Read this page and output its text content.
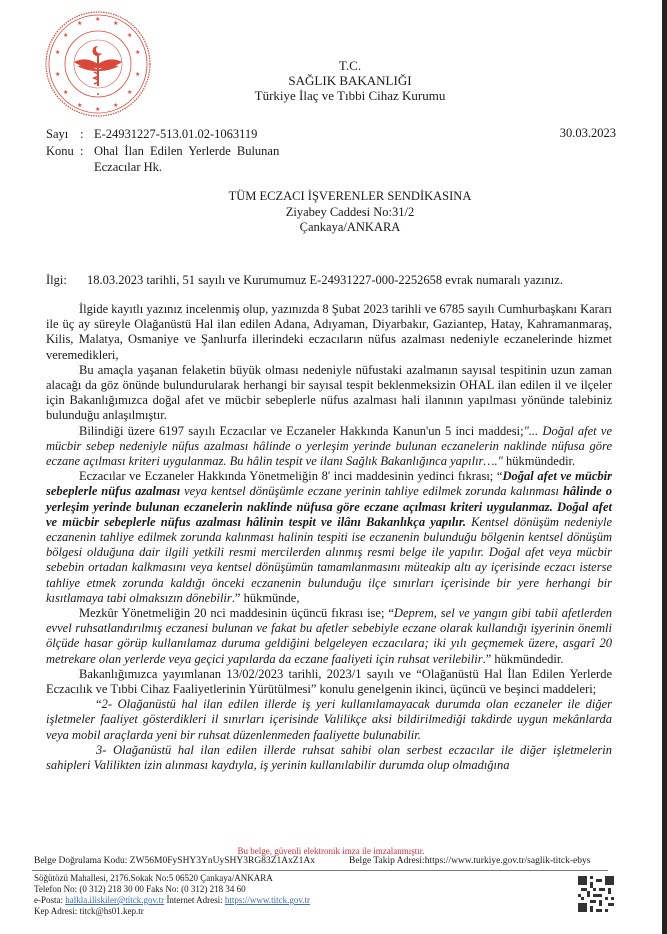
★
★
★
★	★
★	★
★	★
★	★
★
★
★
T.C.
SAĞLIK BAKANLIĞI
Türkiye İlaç ve Tıbbi Cihaz Kurumu
Sayı : E-24931227-513.01.02-1063119	30.03.2023
Konu : Ohal İlan Edilen Yerlerde Bulunan
Eczacılar Hk.
TÜM ECZACI İŞVERENLER SENDİKASINA
Ziyabey Caddesi No:31/2
Çankaya/ANKARA
İlgi: 18.03.2023 tarihli, 51 sayılı ve Kurumumuz E-24931227-000-2252658 evrak numaralı yazınız.

İlgide kayıtlı yazınız incelenmiş olup, yazınızda 8 Şubat 2023 tarihli ve 6785 sayılı Cumhurbaşkanı Kararı ile üç ay süreyle Olağanüstü Hal ilan edilen Adana, Adıyaman, Diyarbakır, Gaziantep, Hatay, Kahramanmaraş, Kilis, Malatya, Osmaniye ve Şanlıurfa illerindeki eczacıların nüfus azalması nedeniyle eczanelerinde hizmet veremedikleri,

Bu amaçla yaşanan felaketin büyük olması nedeniyle nüfustaki azalmanın sayısal tespitinin uzun zaman alacağı da göz önünde bulundurularak herhangi bir sayısal tespit beklenmeksizin OHAL ilan edilen il ve ilçeler için Bakanlığımızca doğal afet ve mücbir sebeplerle nüfus azalması hali ilanının yapılması yönünde talebiniz bulunduğu anlaşılmıştır.

Bilindiği üzere 6197 sayılı Eczacılar ve Eczaneler Hakkında Kanun'un 5 inci maddesi;"... Doğal afet ve mücbir sebep nedeniyle nüfus azalması hâlinde o yerleşim yerinde bulunan eczanelerin naklinde nüfusa göre eczane açılması kriteri uygulanmaz. Bu hâlin tespit ve ilanı Sağlık Bakanlığınca yapılır…." hükmündedir.

Eczacılar ve Eczaneler Hakkında Yönetmeliğin 8' inci maddesinin yedinci fıkrası; “Doğal afet ve mücbir sebeplerle nüfus azalması veya kentsel dönüşümle eczane yerinin tahliye edilmek zorunda kalınması hâlinde o yerleşim yerinde bulunan eczanelerin naklinde nüfusa göre eczane açılması kriteri uygulanmaz. Doğal afet ve mücbir sebeplerle nüfus azalması hâlinin tespit ve ilânı Bakanlıkça yapılır. Kentsel dönüşüm nedeniyle eczanenin tahliye edilmek zorunda kalınması halinin tespiti ise eczanenin bulunduğu bölgenin kentsel dönüşüm bölgesi olduğuna dair ilgili yetkili resmi mercilerden alınmış resmi belge ile yapılır. Doğal afet veya mücbir sebebin ortadan kalkmasını veya kentsel dönüşümün tamamlanmasını müteakip altı ay içerisinde eczacı isterse tahliye etmek zorunda kaldığı önceki eczanenin bulunduğu ilçe sınırları içerisinde bir yere herhangi bir kısıtlamaya tabi olmaksızın dönebilir.” hükmünde,

Mezkûr Yönetmeliğin 20 nci maddesinin üçüncü fıkrası ise; “Deprem, sel ve yangın gibi tabii afetlerden evvel ruhsatlandırılmış eczanesi bulunan ve fakat bu afetler sebebiyle eczane olarak kullandığı işyerinin önemli ölçüde hasar görüp kullanılamaz duruma geldiğini belgeleyen eczacılara; iki yılı geçmemek üzere, asgarî 20 metrekare olan yerlerde veya geçici yapılarda da eczane faaliyeti için ruhsat verilebilir.” hükmündedir.

Bakanlığımızca yayımlanan 13/02/2023 tarihli, 2023/1 sayılı ve “Olağanüstü Hal İlan Edilen Yerlerde Eczacılık ve Tıbbi Cihaz Faaliyetlerinin Yürütülmesi” konulu genelgenin ikinci, üçüncü ve beşinci maddeleri;

“2- Olağanüstü hal ilan edilen illerde iş yeri kullanılamayacak durumda olan eczaneler ile diğer işletmeler faaliyet gösterdikleri il sınırları içerisinde Valilikçe aksi bildirilmediği takdirde uygun mekânlarda veya mobil araçlarda yeni bir ruhsat düzenlenmeden faaliyette bulunabilir.

3- Olağanüstü hal ilan edilen illerde ruhsat sahibi olan serbest eczacılar ile diğer işletmelerin sahipleri Valilikten izin alınması kaydıyla, iş yerinin kullanılabilir durumda olup olmadığına

Bu belge, güvenli elektronik imza ile imzalanmıştır.
Belge Doğrulama Kodu: ZW56M0FySHY3YnUySHY3RG83Z1AxZ1Ax	Belge Takip Adresi:https://www.turkiye.gov.tr/saglik-titck-ebys
Söğütözü Mahallesi, 2176.Sokak No:5 06520 Çankaya/ANKARA
Telefon No: (0 312) 218 30 00 Faks No: (0 312) 218 34 60
e-Posta: halkla.iliskiler@titck.gov.tr İnternet Adresi: https://www.titck.gov.tr
Kep Adresi: titck@hs01.kep.tr
